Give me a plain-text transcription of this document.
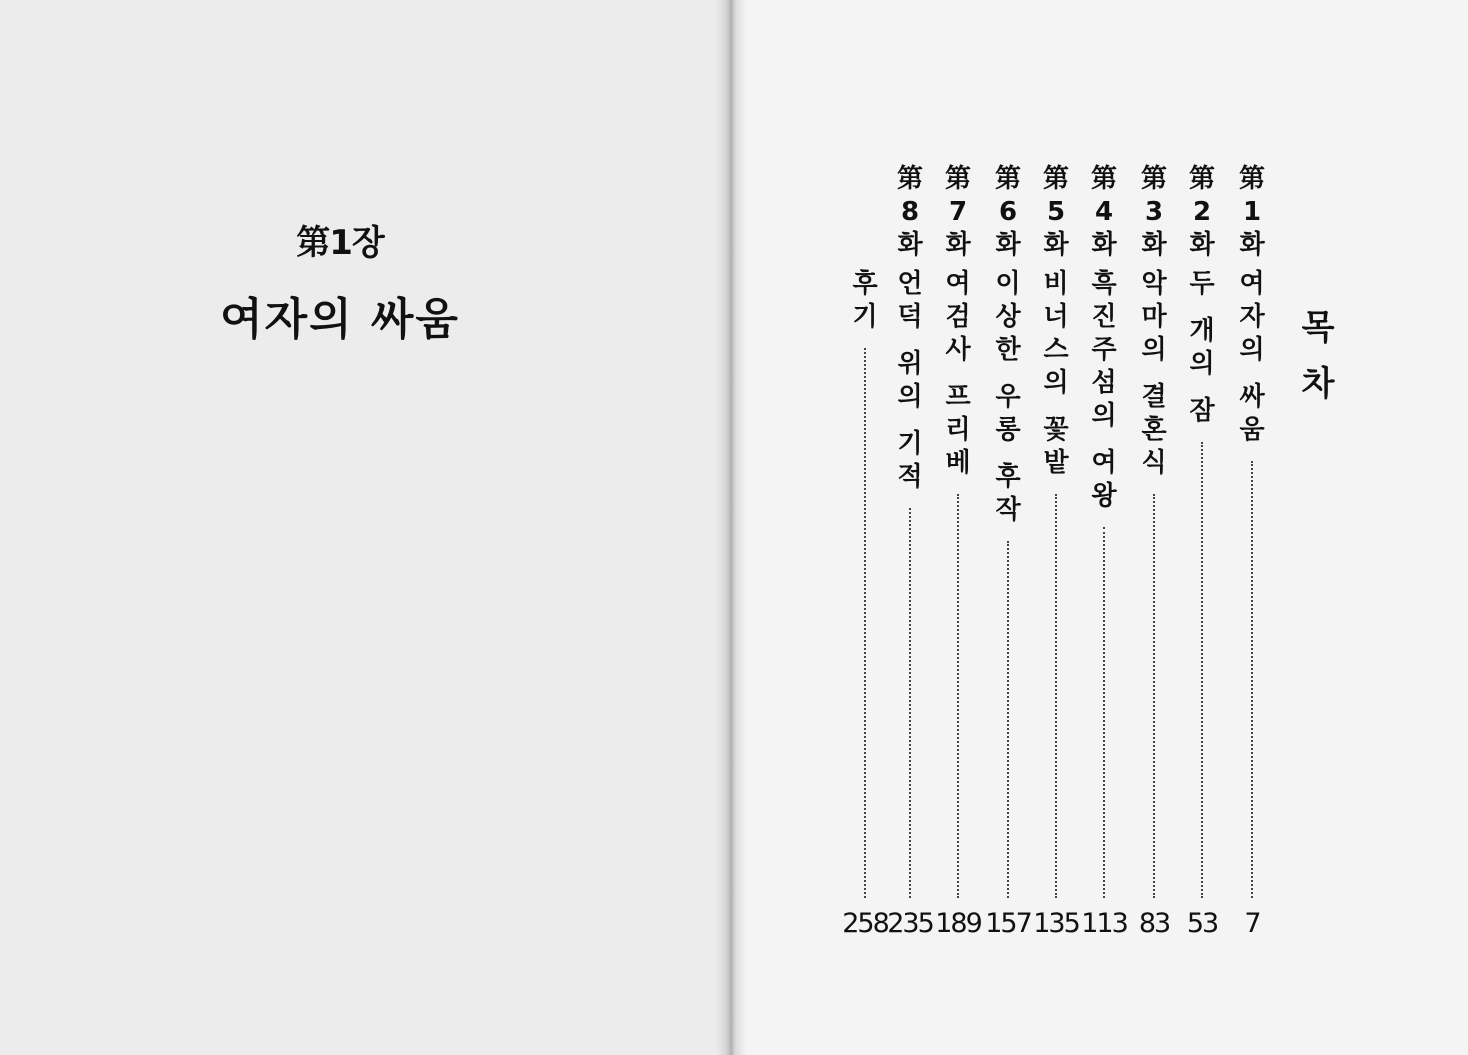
第1장
여자의 싸움	목
차
第
1
화
여
자
의
싸
움
7
第
2
화
두
개
의
잠
53
第
3
화
악
마
의
결
혼
식
83
第
4
화
흑
진
주
섬
의
여
왕
113
第
5
화
비
너
스
의
꽃
밭
135
第
6
화
이
상
한
우
롱
후
작
157
第
7
화
여
검
사
프
리
베
189
第
8
화
언
덕
위
의
기
적
235
후
기
258
